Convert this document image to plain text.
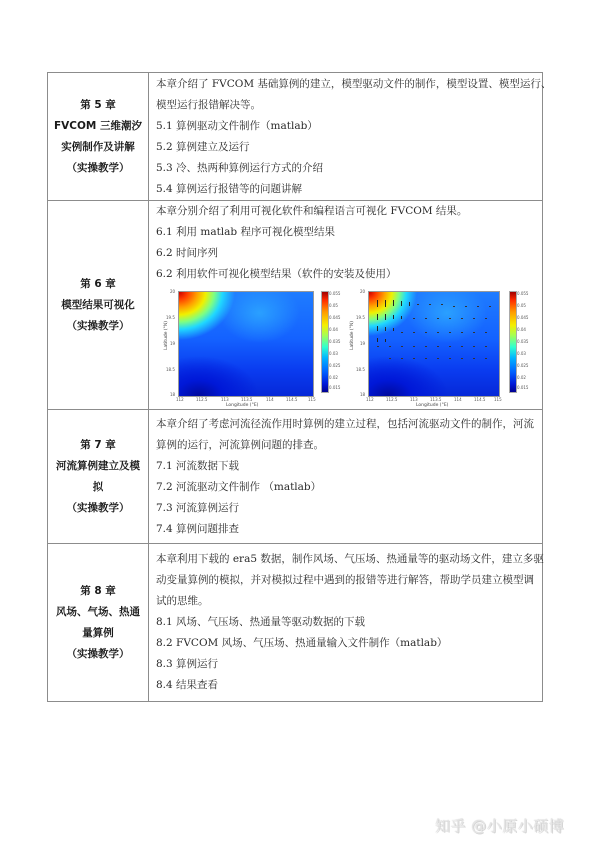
第 5 章
FVCOM 三维潮汐
实例制作及讲解
（实操教学）

本章介绍了 FVCOM 基础算例的建立，模型驱动文件的制作，模型设置、模型运行、
模型运行报错解决等。
5.1 算例驱动文件制作（matlab）
5.2 算例建立及运行
5.3 冷、热两种算例运行方式的介绍
5.4 算例运行报错等的问题讲解

第 6 章
模型结果可视化
（实操教学）

本章分别介绍了利用可视化软件和编程语言可视化 FVCOM 结果。
6.1 利用 matlab 程序可视化模型结果
6.2 时间序列
6.2 利用软件可视化模型结果（软件的安装及使用）
Latitude (°N)
20
19.5
19
18.5
18
112	112.5	113	113.5	114	114.5	115
Longitude (°E)
0.055
0.05
0.045
0.04
0.035
0.03
0.025
0.02
0.015
Latitude (°N)
20
19.5
19
18.5
18
112	112.5	113	113.5	114	114.5 115
Longitude (°E)
0.055
0.05
0.045
0.04
0.035
0.03
0.025
0.02
0.015

第 7 章
河流算例建立及模
拟
（实操教学）

本章介绍了考虑河流径流作用时算例的建立过程，包括河流驱动文件的制作，河流
算例的运行，河流算例问题的排查。
7.1 河流数据下载
7.2 河流驱动文件制作 （matlab）
7.3 河流算例运行
7.4 算例问题排查

第 8 章
风场、气场、热通
量算例
（实操教学）

本章利用下载的 era5 数据，制作风场、气压场、热通量等的驱动场文件，建立多驱
动变量算例的模拟，并对模拟过程中遇到的报错等进行解答，帮助学员建立模型调
试的思维。
8.1 风场、气压场、热通量等驱动数据的下载
8.2 FVCOM 风场、气压场、热通量输入文件制作（matlab）
8.3 算例运行
8.4 结果查看
知乎 @小原小硕博
